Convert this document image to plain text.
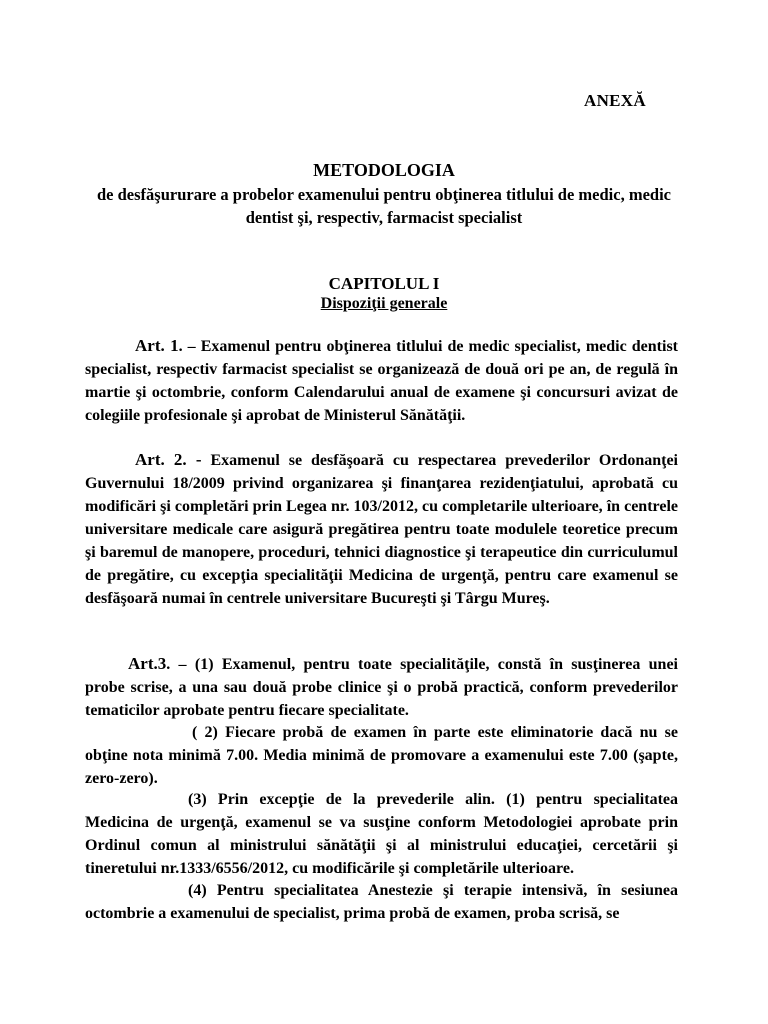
ANEXĂ
METODOLOGIA
de desfăşururare a probelor examenului pentru obţinerea titlului de medic, medic dentist şi, respectiv, farmacist specialist
CAPITOLUL I
Dispoziţii generale
Art. 1. – Examenul pentru obţinerea titlului de medic specialist, medic dentist specialist, respectiv farmacist specialist se organizează de două ori pe an, de regulă în martie şi octombrie, conform Calendarului anual de examene şi concursuri avizat de colegiile profesionale şi aprobat de Ministerul Sănătăţii.
Art. 2. - Examenul se desfăşoară cu respectarea prevederilor Ordonanţei Guvernului 18/2009 privind organizarea şi finanţarea rezidenţiatului, aprobată cu modificări şi completări prin Legea nr. 103/2012, cu completarile ulterioare, în centrele universitare medicale care asigură pregătirea pentru toate modulele teoretice precum şi baremul de manopere, proceduri, tehnici diagnostice şi terapeutice din curriculumul de pregătire, cu excepţia specialităţii Medicina de urgenţă, pentru care examenul se desfăşoară numai în centrele universitare Bucureşti şi Târgu Mureş.
Art.3. – (1) Examenul, pentru toate specialităţile, constă în susţinerea unei probe scrise, a una sau două probe clinice şi o probă practică, conform prevederilor tematicilor aprobate pentru fiecare specialitate.
( 2) Fiecare probă de examen în parte este eliminatorie dacă nu se obţine nota minimă 7.00. Media minimă de promovare a examenului este 7.00 (şapte, zero-zero).
(3) Prin excepţie de la prevederile alin. (1) pentru specialitatea Medicina de urgenţă, examenul se va susţine conform Metodologiei aprobate prin Ordinul comun al ministrului sănătăţii şi al ministrului educaţiei, cercetării şi tineretului nr.1333/6556/2012, cu modificările şi completările ulterioare.
(4) Pentru specialitatea Anestezie şi terapie intensivă, în sesiunea octombrie a examenului de specialist, prima probă de examen, proba scrisă, se
